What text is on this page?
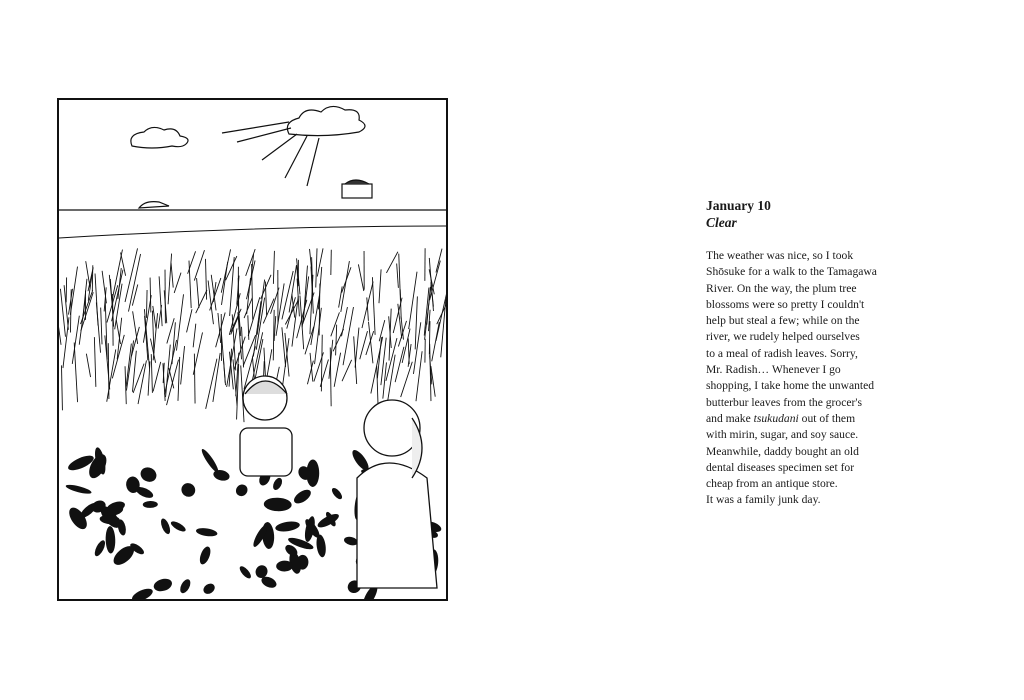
January 10
Clear
The weather was nice, so I took
Shōsuke for a walk to the Tamagawa
River. On the way, the plum tree
blossoms were so pretty I couldn't
help but steal a few; while on the
river, we rudely helped ourselves
to a meal of radish leaves. Sorry,
Mr. Radish… Whenever I go
shopping, I take home the unwanted
butterbur leaves from the grocer's
and make tsukudani out of them
with mirin, sugar, and soy sauce.
Meanwhile, daddy bought an old
dental diseases specimen set for
cheap from an antique store.
It was a family junk day.
